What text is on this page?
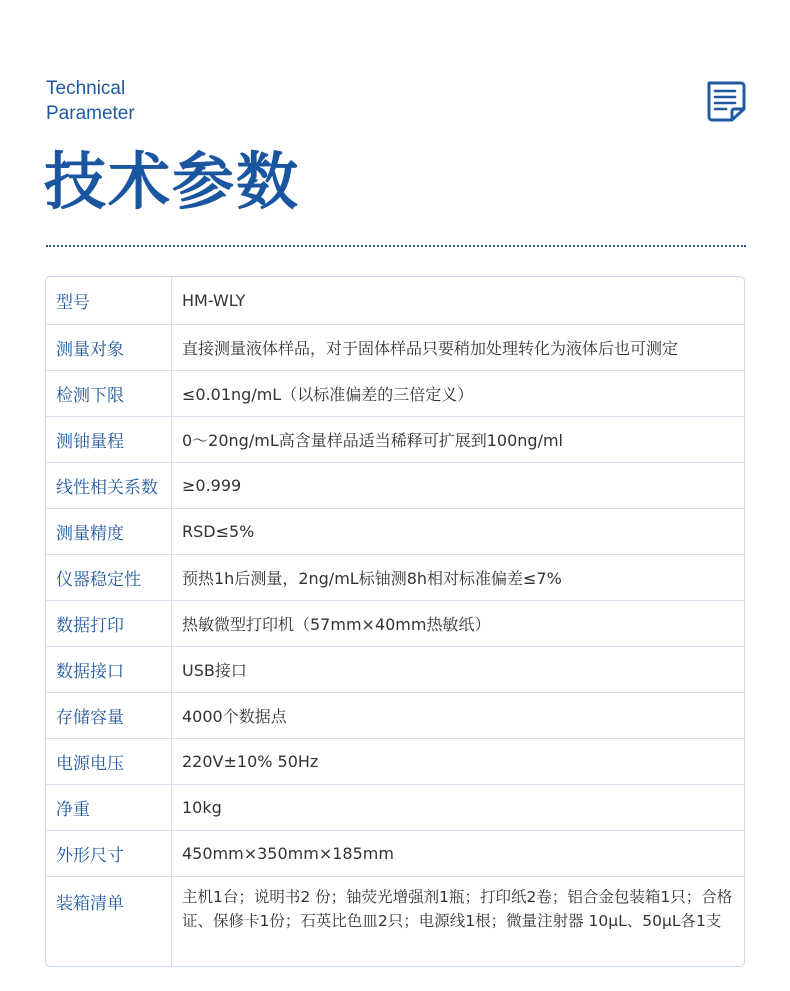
Technical
Parameter
技术参数
型号	HM-WLY
测量对象	直接测量液体样品，对于固体样品只要稍加处理转化为液体后也可测定
检测下限	≤0.01ng/mL（以标准偏差的三倍定义）
测铀量程	0～20ng/mL高含量样品适当稀释可扩展到100ng/ml
线性相关系数	≥0.999
测量精度	RSD≤5%
仪器稳定性	预热1h后测量，2ng/mL标铀测8h相对标准偏差≤7%
数据打印	热敏微型打印机（57mm×40mm热敏纸）
数据接口	USB接口
存储容量	4000个数据点
电源电压	220V±10% 50Hz
净重	10kg
外形尺寸	450mm×350mm×185mm
装箱清单	主机1台；说明书2 份；铀荧光增强剂1瓶；打印纸2卷；铝合金包装箱1只；合格证、保修卡1份；石英比色皿2只；电源线1根；微量注射器 10μL、50μL各1支
